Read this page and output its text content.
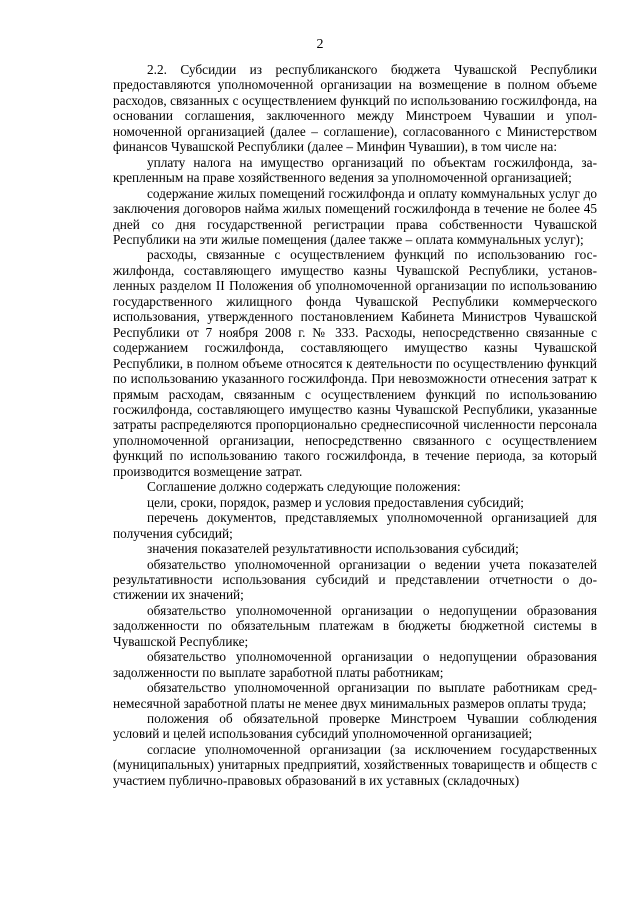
2

2.2. Субсидии из республиканского бюджета Чувашской Республики предоставляются уполномоченной организации на возмещение в полном объеме расходов, связанных с осуществлением функций по использованию госжилфонда, на основании соглашения, заключенного между Минстроем Чувашии и уполномоченной организацией (далее – соглашение), согласованного с Министерством финансов Чувашской Республики (далее – Минфин Чувашии), в том числе на:

уплату налога на имущество организаций по объектам госжилфонда, закрепленным на праве хозяйственного ведения за уполномоченной организацией;

содержание жилых помещений госжилфонда и оплату коммунальных услуг до заключения договоров найма жилых помещений госжилфонда в течение не более 45 дней со дня государственной регистрации права собственности Чувашской Республики на эти жилые помещения (далее также – оплата коммунальных услуг);

расходы, связанные с осуществлением функций по использованию госжилфонда, составляющего имущество казны Чувашской Республики, установленных разделом II Положения об уполномоченной организации по использованию государственного жилищного фонда Чувашской Республики коммерческого использования, утвержденного постановлением Кабинета Министров Чувашской Республики от 7 ноября 2008 г. № 333. Расходы, непосредственно связанные с содержанием госжилфонда, составляющего имущество казны Чувашской Республики, в полном объеме относятся к деятельности по осуществлению функций по использованию указанного госжилфонда. При невозможности отнесения затрат к прямым расходам, связанным с осуществлением функций по использованию госжилфонда, составляющего имущество казны Чувашской Республики, указанные затраты распределяются пропорционально среднесписочной численности персонала уполномоченной организации, непосредственно связанного с осуществлением функций по использованию такого госжилфонда, в течение периода, за который производится возмещение затрат.

Соглашение должно содержать следующие положения:

цели, сроки, порядок, размер и условия предоставления субсидий;

перечень документов, представляемых уполномоченной организацией для получения субсидий;

значения показателей результативности использования субсидий;

обязательство уполномоченной организации о ведении учета показателей результативности использования субсидий и представлении отчетности о достижении их значений;

обязательство уполномоченной организации о недопущении образования задолженности по обязательным платежам в бюджеты бюджетной системы в Чувашской Республике;

обязательство уполномоченной организации о недопущении образования задолженности по выплате заработной платы работникам;

обязательство уполномоченной организации по выплате работникам среднемесячной заработной платы не менее двух минимальных размеров оплаты труда;

положения об обязательной проверке Минстроем Чувашии соблюдения условий и целей использования субсидий уполномоченной организацией;

согласие уполномоченной организации (за исключением государственных (муниципальных) унитарных предприятий, хозяйственных товариществ и обществ с участием публично-правовых образований в их уставных (складочных)
